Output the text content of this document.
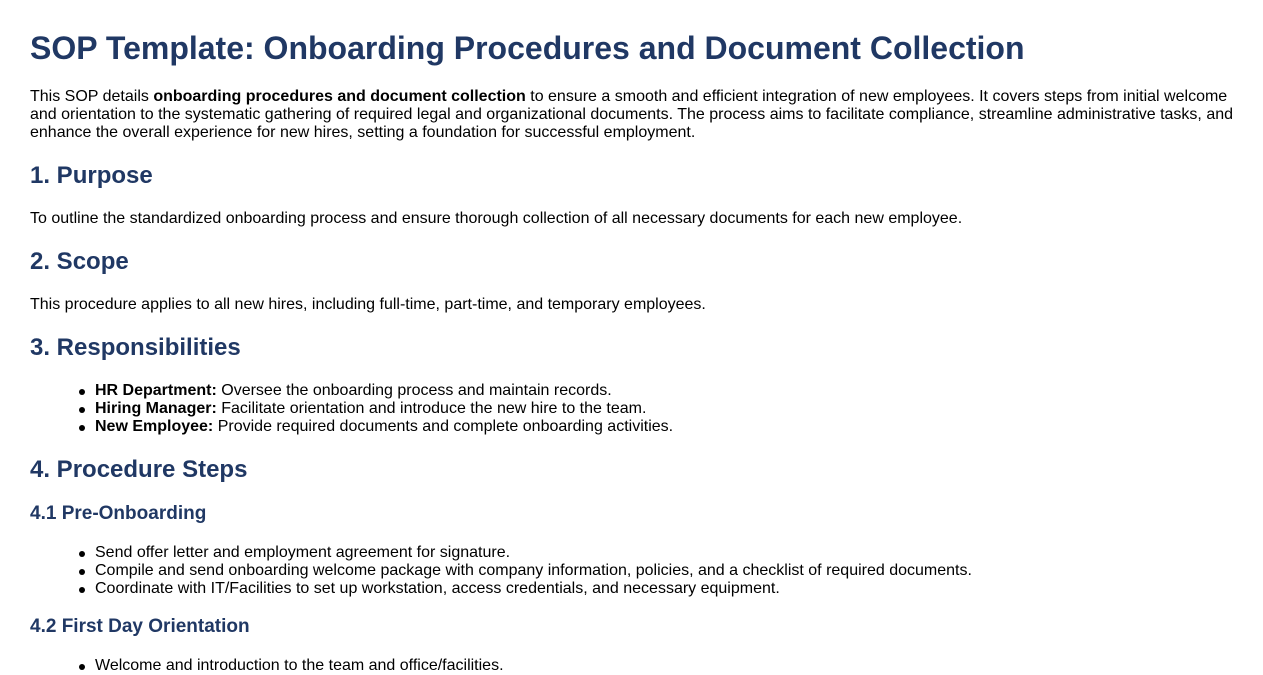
SOP Template: Onboarding Procedures and Document Collection

This SOP details onboarding procedures and document collection to ensure a smooth and efficient integration of new employees. It covers steps from initial welcome and orientation to the systematic gathering of required legal and organizational documents. The process aims to facilitate compliance, streamline administrative tasks, and enhance the overall experience for new hires, setting a foundation for successful employment.

1. Purpose

To outline the standardized onboarding process and ensure thorough collection of all necessary documents for each new employee.

2. Scope

This procedure applies to all new hires, including full-time, part-time, and temporary employees.

3. Responsibilities
HR Department: Oversee the onboarding process and maintain records.
Hiring Manager: Facilitate orientation and introduce the new hire to the team.
New Employee: Provide required documents and complete onboarding activities.
4. Procedure Steps
4.1 Pre-Onboarding
Send offer letter and employment agreement for signature.
Compile and send onboarding welcome package with company information, policies, and a checklist of required documents.
Coordinate with IT/Facilities to set up workstation, access credentials, and necessary equipment.
4.2 First Day Orientation
Welcome and introduction to the team and office/facilities.
